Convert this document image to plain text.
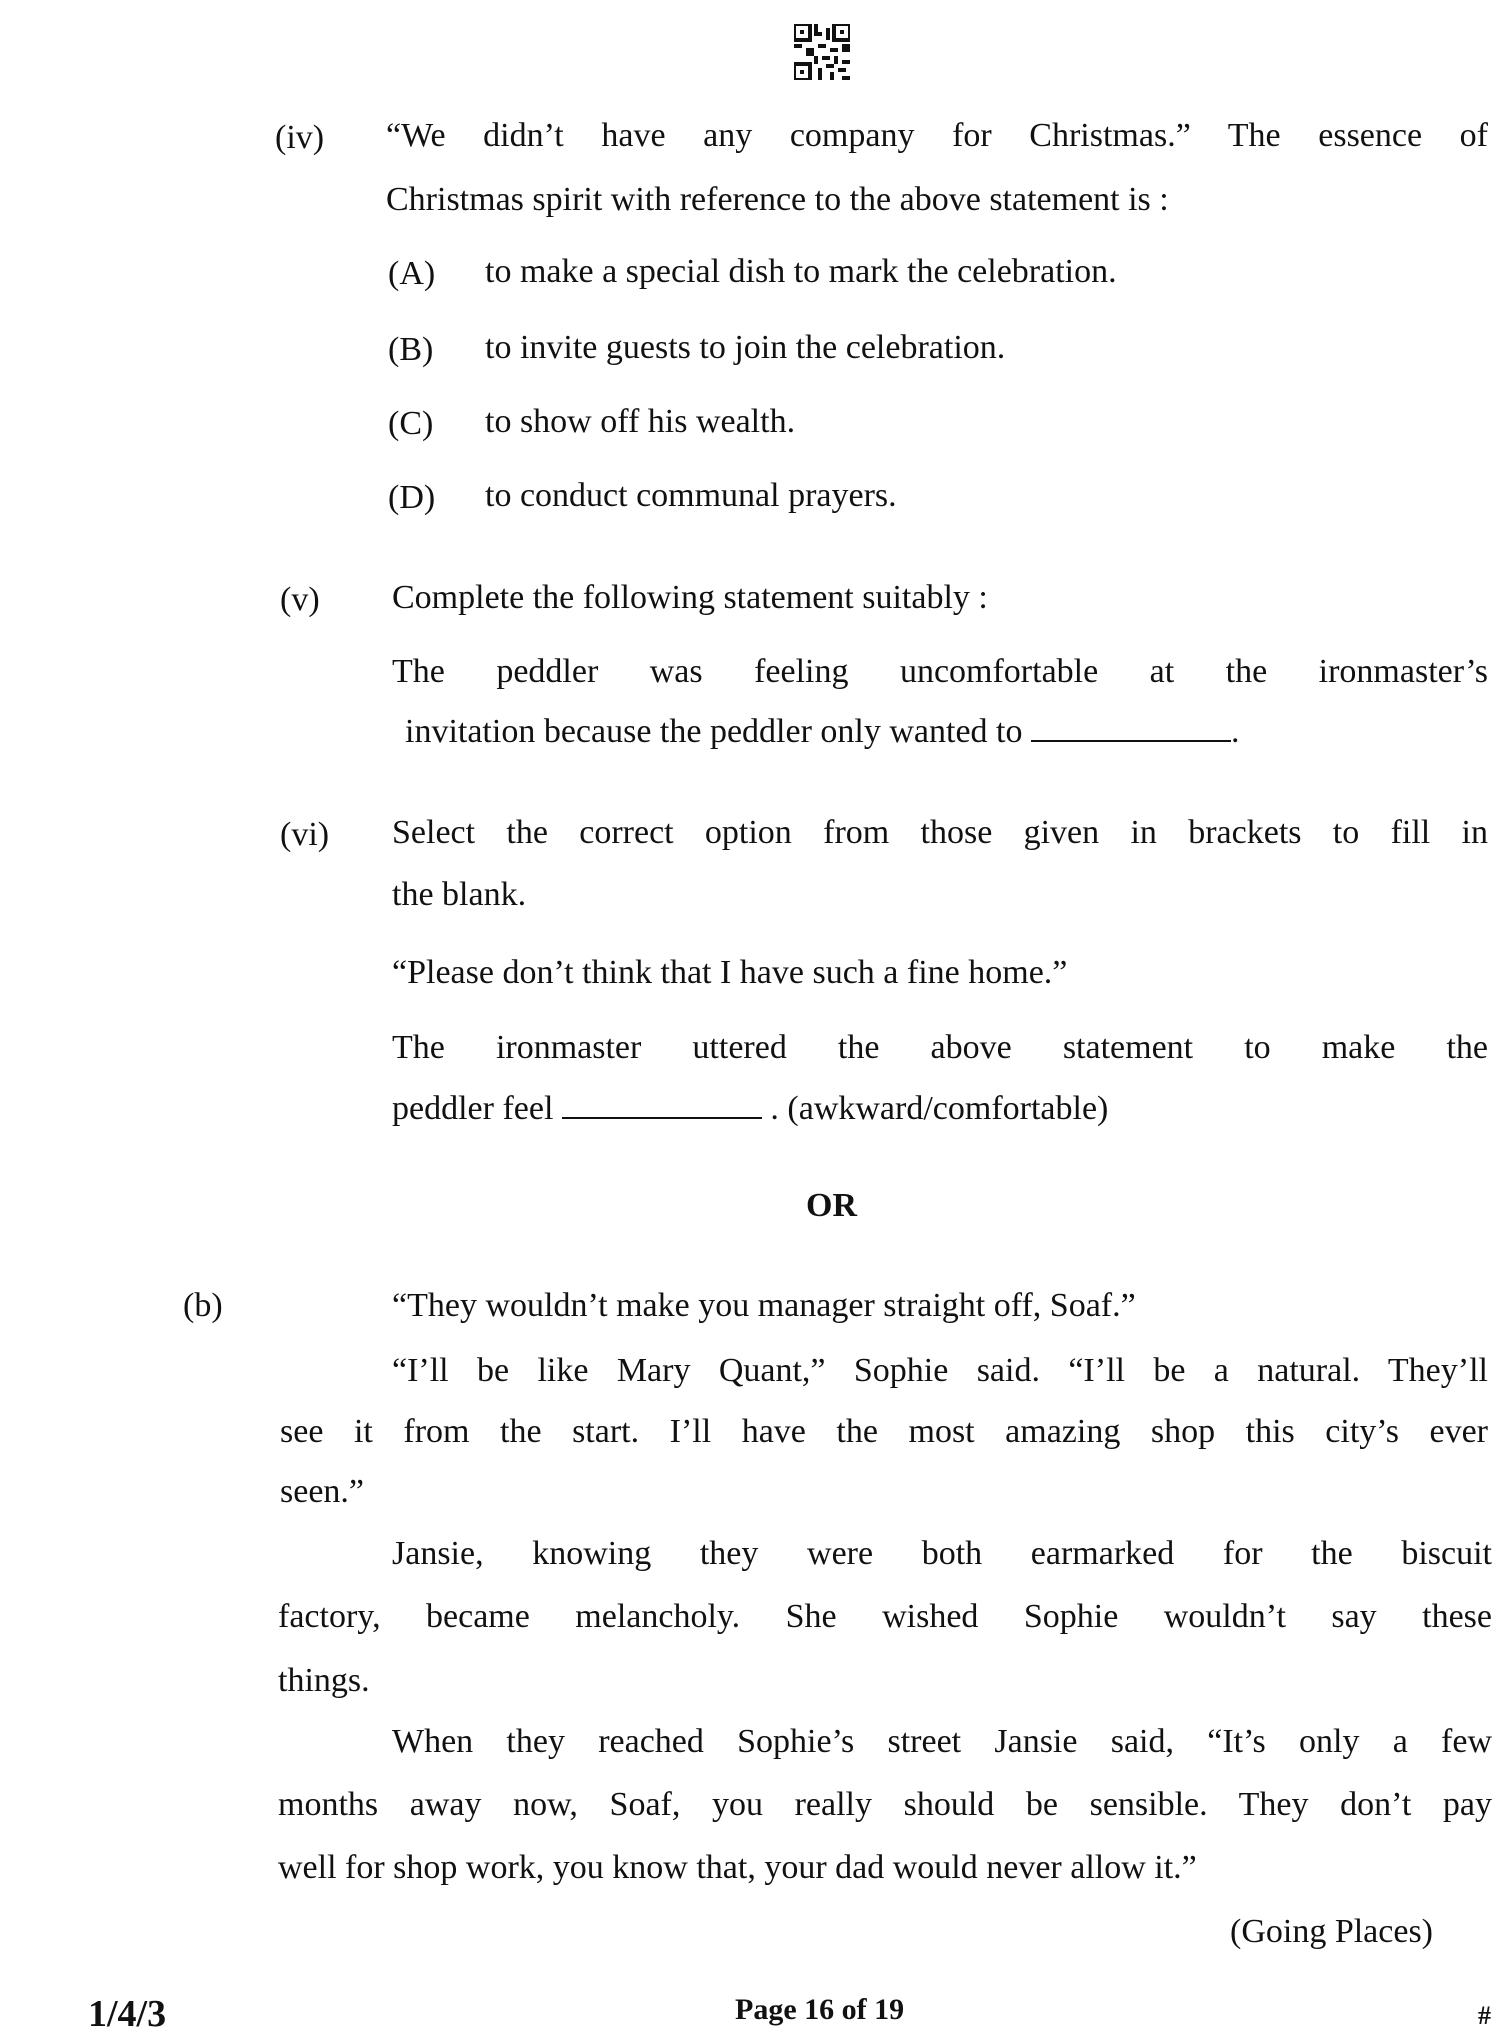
(iv) “We didn’t have any company for Christmas.” The essence of
Christmas spirit with reference to the above statement is :
(A) to make a special dish to mark the celebration.
(B) to invite guests to join the celebration.
(C) to show off his wealth.
(D) to conduct communal prayers.
(v) Complete the following statement suitably :
The peddler was feeling uncomfortable at the ironmaster’s
invitation because the peddler only wanted to	.
(vi) Select the correct option from those given in brackets to fill in
the blank.
“Please don’t think that I have such a fine home.”
The ironmaster uttered the above statement to make the
peddler feel	. (awkward/comfortable)
OR
(b)	“They wouldn’t make you manager straight off, Soaf.”
“I’ll be like Mary Quant,” Sophie said. “I’ll be a natural. They’ll
see it from the start. I’ll have the most amazing shop this city’s ever
seen.”
Jansie, knowing they were both earmarked for the biscuit
factory, became melancholy. She wished Sophie wouldn’t say these
things.
When they reached Sophie’s street Jansie said, “It’s only a few
months away now, Soaf, you really should be sensible. They don’t pay
well for shop work, you know that, your dad would never allow it.”
(Going Places)
1/4/3	Page 16 of 19	#
